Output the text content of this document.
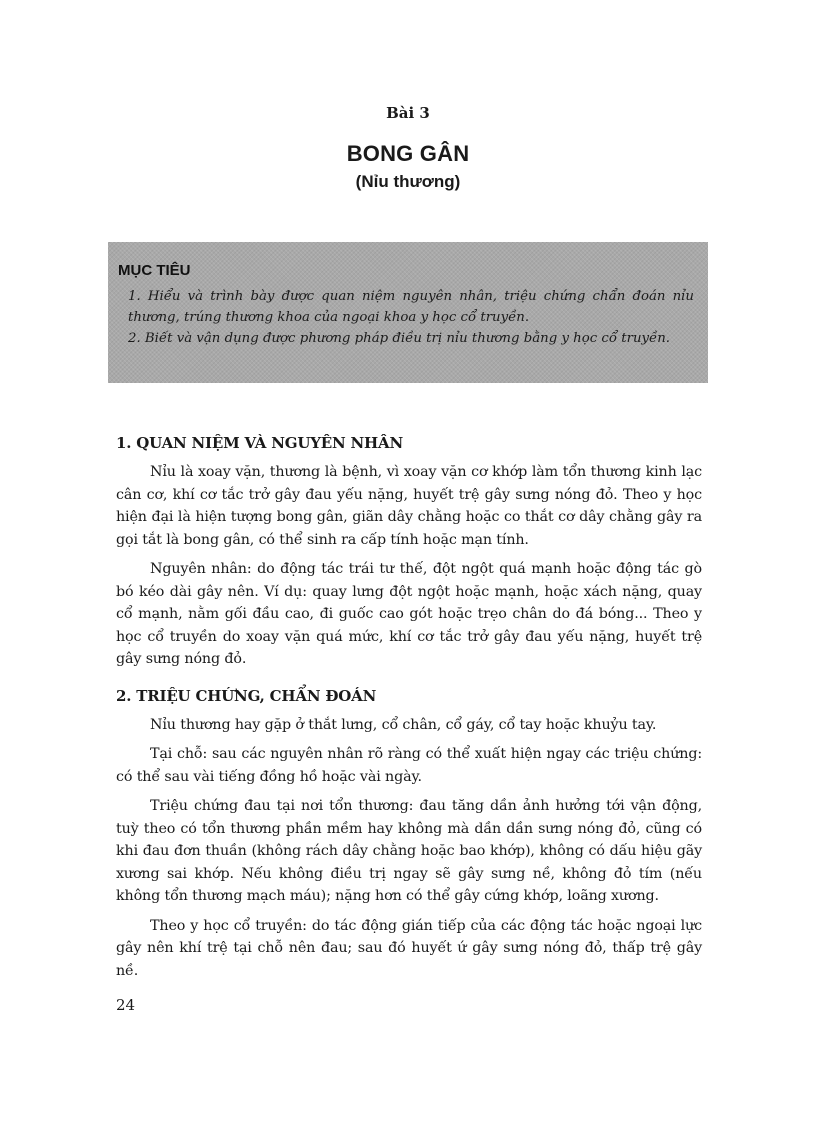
Bài 3
BONG GÂN
(Nỉu thương)
MỤC TIÊU
1. Hiểu và trình bày được quan niệm nguyên nhân, triệu chứng chẩn đoán nỉu thương, trúng thương khoa của ngoại khoa y học cổ truyền.
2. Biết và vận dụng được phương pháp điều trị nỉu thương bằng y học cổ truyền.
1. QUAN NIỆM VÀ NGUYÊN NHÂN

Nỉu là xoay vặn, thương là bệnh, vì xoay vặn cơ khớp làm tổn thương kinh lạc cân cơ, khí cơ tắc trở gây đau yếu nặng, huyết trệ gây sưng nóng đỏ. Theo y học hiện đại là hiện tượng bong gân, giãn dây chằng hoặc co thắt cơ dây chằng gây ra gọi tắt là bong gân, có thể sinh ra cấp tính hoặc mạn tính.

Nguyên nhân: do động tác trái tư thế, đột ngột quá mạnh hoặc động tác gò bó kéo dài gây nên. Ví dụ: quay lưng đột ngột hoặc mạnh, hoặc xách nặng, quay cổ mạnh, nằm gối đầu cao, đi guốc cao gót hoặc trẹo chân do đá bóng... Theo y học cổ truyền do xoay vặn quá mức, khí cơ tắc trở gây đau yếu nặng, huyết trệ gây sưng nóng đỏ.

2. TRIỆU CHỨNG, CHẨN ĐOÁN

Nỉu thương hay gặp ở thắt lưng, cổ chân, cổ gáy, cổ tay hoặc khuỷu tay.

Tại chỗ: sau các nguyên nhân rõ ràng có thể xuất hiện ngay các triệu chứng: có thể sau vài tiếng đồng hồ hoặc vài ngày.

Triệu chứng đau tại nơi tổn thương: đau tăng dần ảnh hưởng tới vận động, tuỳ theo có tổn thương phần mềm hay không mà dần dần sưng nóng đỏ, cũng có khi đau đơn thuần (không rách dây chằng hoặc bao khớp), không có dấu hiệu gãy xương sai khớp. Nếu không điều trị ngay sẽ gây sưng nề, không đỏ tím (nếu không tổn thương mạch máu); nặng hơn có thể gây cứng khớp, loãng xương.

Theo y học cổ truyền: do tác động gián tiếp của các động tác hoặc ngoại lực gây nên khí trệ tại chỗ nên đau; sau đó huyết ứ gây sưng nóng đỏ, thấp trệ gây nề.

24
